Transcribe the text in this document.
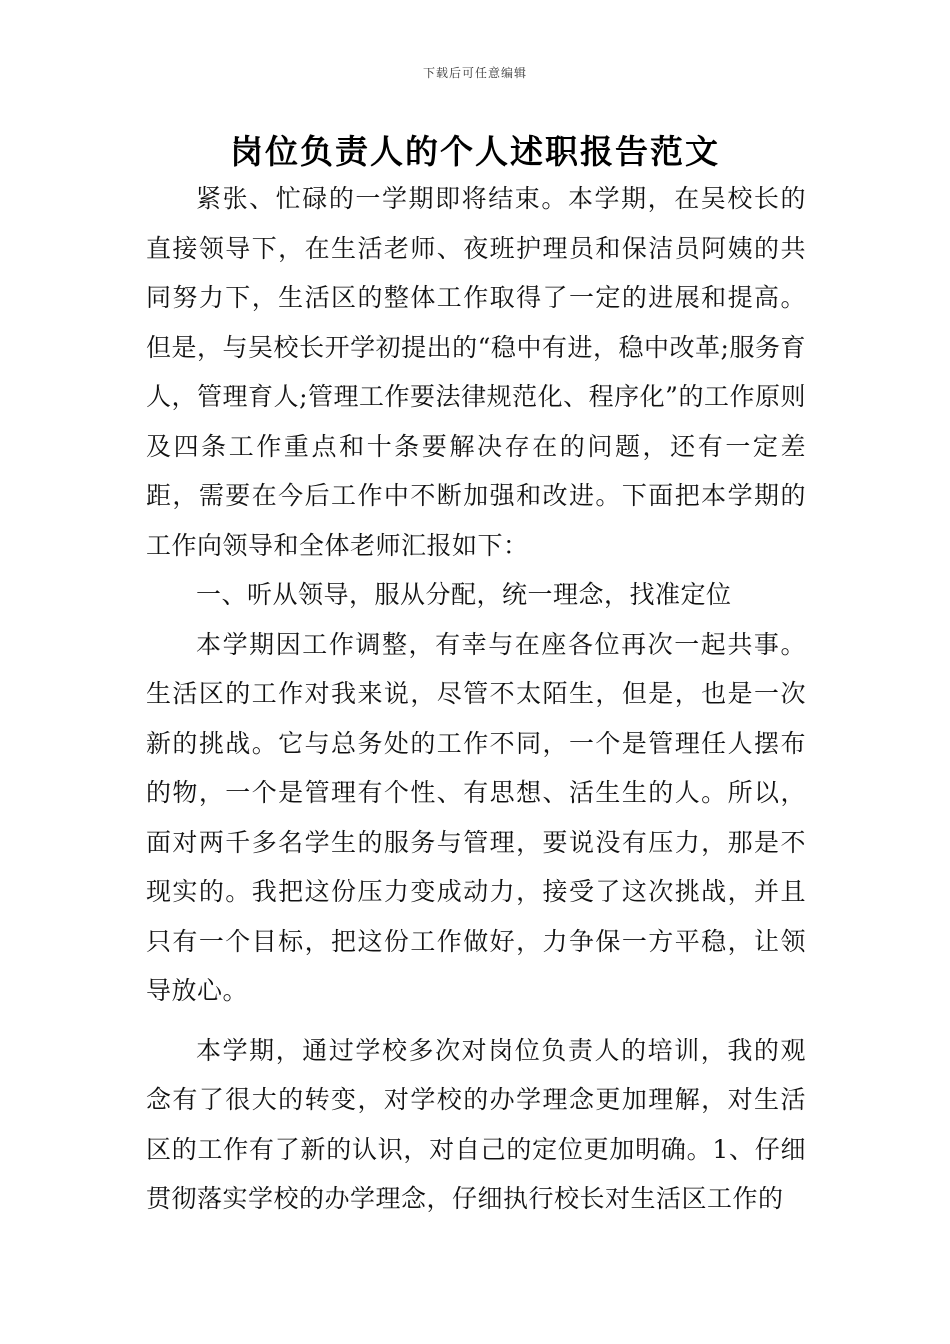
下载后可任意编辑
岗位负责人的个人述职报告范文

紧张、忙碌的一学期即将结束。本学期，在吴校长的直接领导下，在生活老师、夜班护理员和保洁员阿姨的共同努力下，生活区的整体工作取得了一定的进展和提高。但是，与吴校长开学初提出的“稳中有进，稳中改革;服务育人，管理育人;管理工作要法律规范化、程序化”的工作原则及四条工作重点和十条要解决存在的问题，还有一定差距，需要在今后工作中不断加强和改进。下面把本学期的工作向领导和全体老师汇报如下：

一、听从领导，服从分配，统一理念，找准定位

本学期因工作调整，有幸与在座各位再次一起共事。生活区的工作对我来说，尽管不太陌生，但是，也是一次新的挑战。它与总务处的工作不同，一个是管理任人摆布的物，一个是管理有个性、有思想、活生生的人。所以，面对两千多名学生的服务与管理，要说没有压力，那是不现实的。我把这份压力变成动力，接受了这次挑战，并且只有一个目标，把这份工作做好，力争保一方平稳，让领导放心。

本学期，通过学校多次对岗位负责人的培训，我的观念有了很大的转变，对学校的办学理念更加理解，对生活区的工作有了新的认识，对自己的定位更加明确。1、仔细贯彻落实学校的办学理念，仔细执行校长对生活区工作的
